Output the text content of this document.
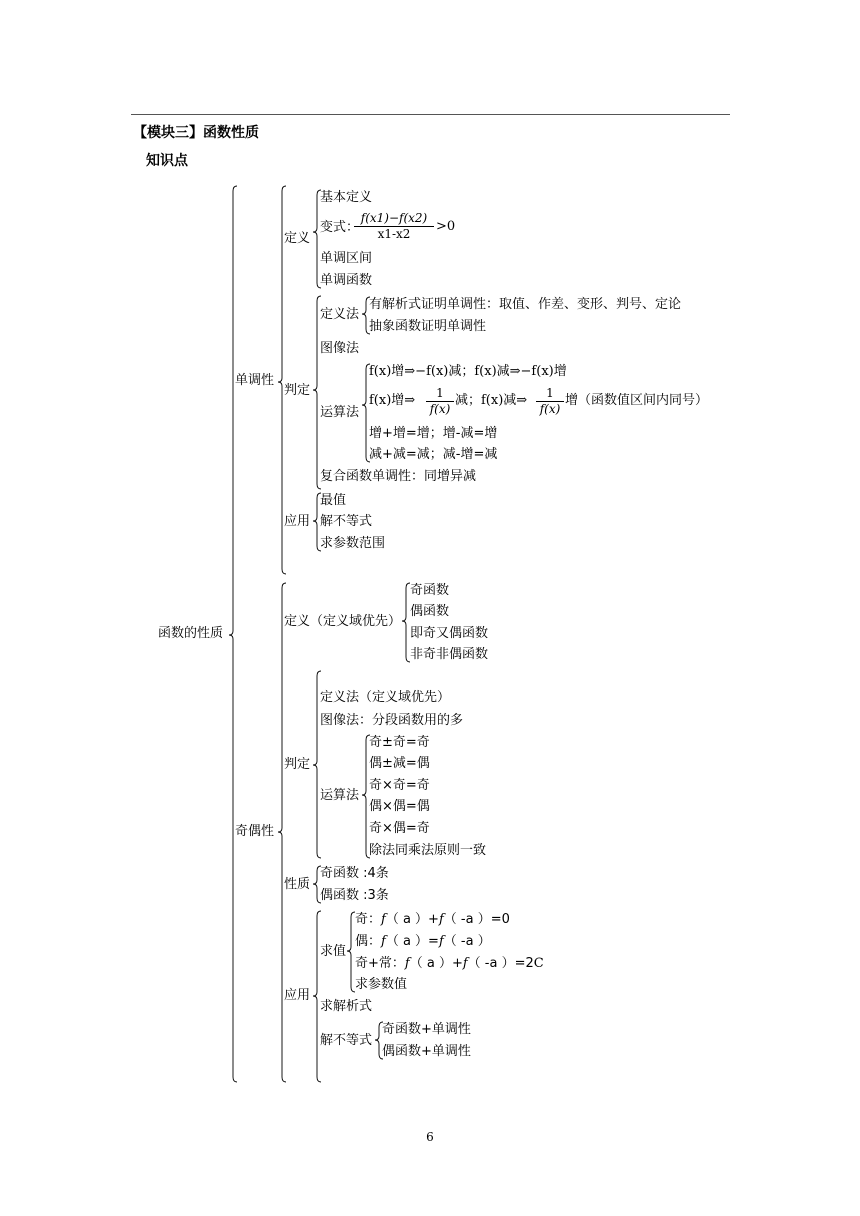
【模块三】函数性质
知识点
函数的性质
单调性
定义
基本定义
变式：
$\frac{f(x1)-f(x2)}{x1-x2} >0$
单调区间
单调函数
判定
定义法
有解析式证明单调性：取值、作差、变形、判号、定论
抽象函数证明单调性
图像法
运算法
f(x)增⇒−f(x)减；f(x)减⇒−f(x)增
f(x)增⇒ $\frac{1}{f(x)}$ 减；f(x)减⇒ $\frac{1}{f(x)}$ 增（函数值区间内同号）
增+增=增；增-减=增
减+减=减；减-增=减
复合函数单调性：同增异减
应用
最值
解不等式
求参数范围
奇偶性
定义（定义域优先）
奇函数
偶函数
即奇又偶函数
非奇非偶函数
判定
定义法（定义域优先）
图像法：分段函数用的多
运算法
奇±奇=奇
偶±减=偶
奇×奇=奇
偶×偶=偶
奇×偶=奇
除法同乘法原则一致
性质
奇函数 :4条
偶函数 :3条
应用
求值
奇：f（ a ）+f（ -a ）=0
偶：f（ a ）=f（ -a ）
奇+常：f（ a ）+f（ -a ）=2C
求参数值
求解析式
解不等式
奇函数+单调性
偶函数+单调性
6
